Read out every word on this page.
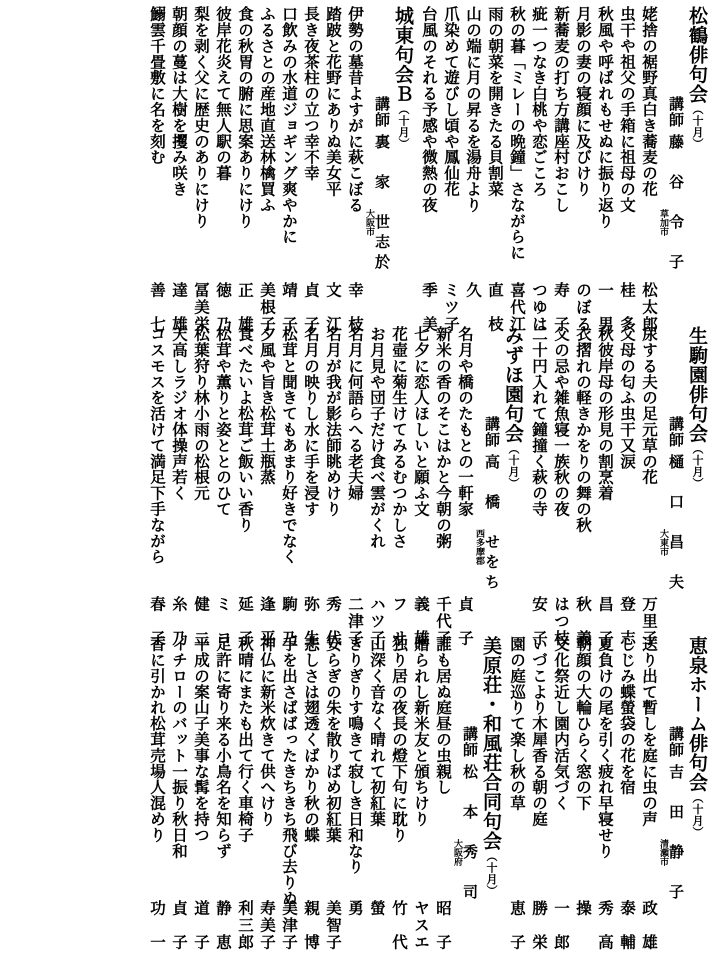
松鶴俳句会（十月）
講師藤　谷　令　子
草加市
姥捨の裾野真白き蕎麦の花
松太郎
虫干や祖父の手箱に祖母の文
桂　多
秋風や呼ばれもせぬに振り返り
一　男
月影の妻の寝顔に及びけり
のぼる
新蕎麦の打ち方講座村おこし
寿　子
疵一つなき白桃や恋ごころ
つゆは
秋の暮「ミレーの晩鐘」さながらに
喜代江
雨の朝菜を開きたる貝割菜
直　枝
山の端に月の昇るを湯舟より
久
爪染めて遊びし頃や鳳仙花
ミツ子
台風のそれる予感や微熱の夜
季　美
城東句会Ｂ（十月）
講師裏　家　世志於
大阪市
伊勢の墓昔よすがに萩こぼる
幸　枝
踏跛と花野にありぬ美女平
文　江
長き夜茶柱の立つ幸不幸
貞　子
口飲みの水道ジョギング爽やかに
靖　子
ふるさとの産地直送林檎買ふ
美根子
食の秋胃の腑に思案ありにけり
正　雄
彼岸花炎えて無人駅の暮
徳　乃
梨を剥く父に歴史のありにけり
冨美栄
朝顔の蔓は大樹を攫み咲き
達　雄
鰯雲千畳敷に名を刻む
善　七
生駒園俳句会（十月）
講師樋　口　昌　夫
大東市
尿する夫の足元草の花
万里子
父母の匂ふ虫干又涙
登　志
秋彼岸母の形見の割烹着
昌　子
衣摺れの軽きかをりの舞の秋
秋　義
父の忌や雑魚寝一族秋の夜
はつ枝
二十円入れて鐘撞く萩の寺
安　子
みずほ園句会（十月）
講師高　橋　せをち
西多摩郡
名月や橋のたもとの一軒家
貞　子
新米の香のそこはかと今朝の粥
千代子
七夕に恋人ほしいと願ふ文
義　雄
花壺に菊生けてみるむつかしさ
フ　サ
お月見や団子だけ食べ雲がくれ
ハツ子
名月に何語らへる老夫婦
二津子
名月が我が影法師眺めけり
秀　代
名月の映りし水に手を浸す
弥　生
松茸と聞きてもあまり好きでなく
駒　乃
夕風や旨き松茸土瓶蒸
逢　平
食べたいよ松茸ご飯いい香り
延　子
松茸や薫りと姿ととのひて
ミ　ヨ
松葉狩り林小雨の松根元
健　二
天高しラジオ体操声若く
糸　乃
コスモスを活けて満足下手ながら
春　子
恵泉ホーム俳句会（十月）
講師吉　田　静　子
清瀬市
送り出て暫しを庭に虫の声
政　雄
しじみ蝶螢袋の花を宿
泰　輔
夏負けの尾を引く疲れ早寝せり
秀　高
朝顔の大輪ひらく窓の下
操
文化祭近し園内活気づく
一　郎
いづこより木犀香る朝の庭
勝　栄
園の庭巡りて楽し秋の草
恵　子
美原荘・和風荘合同句会（十月）
講師松　本　秀　司
大阪府
誰も居ぬ庭昼の虫親し
昭　子
贈られし新米友と頒ちけり
ヤスエ
独り居の夜長の燈下句に耽り
竹　代
山深く音なく晴れて初紅葉
螢
きりぎりす鳴きて寂しき日和なり
勇
安らぎの朱を散りばめ初紅葉
美智子
悲しさは翅透くばかり秋の蝶
親　博
手を出さばばったきちきち飛び去りぬ
美津子
神仏に新米炊きて供へけり
寿美子
秋晴にまたも出て行く車椅子
利三郎
足許に寄り来る小鳥名を知らず
静　恵
平成の案山子美事な髯を持つ
道　子
イチローのバット一振り秋日和
貞　子
香に引かれ松茸売場人混めり
功　一
